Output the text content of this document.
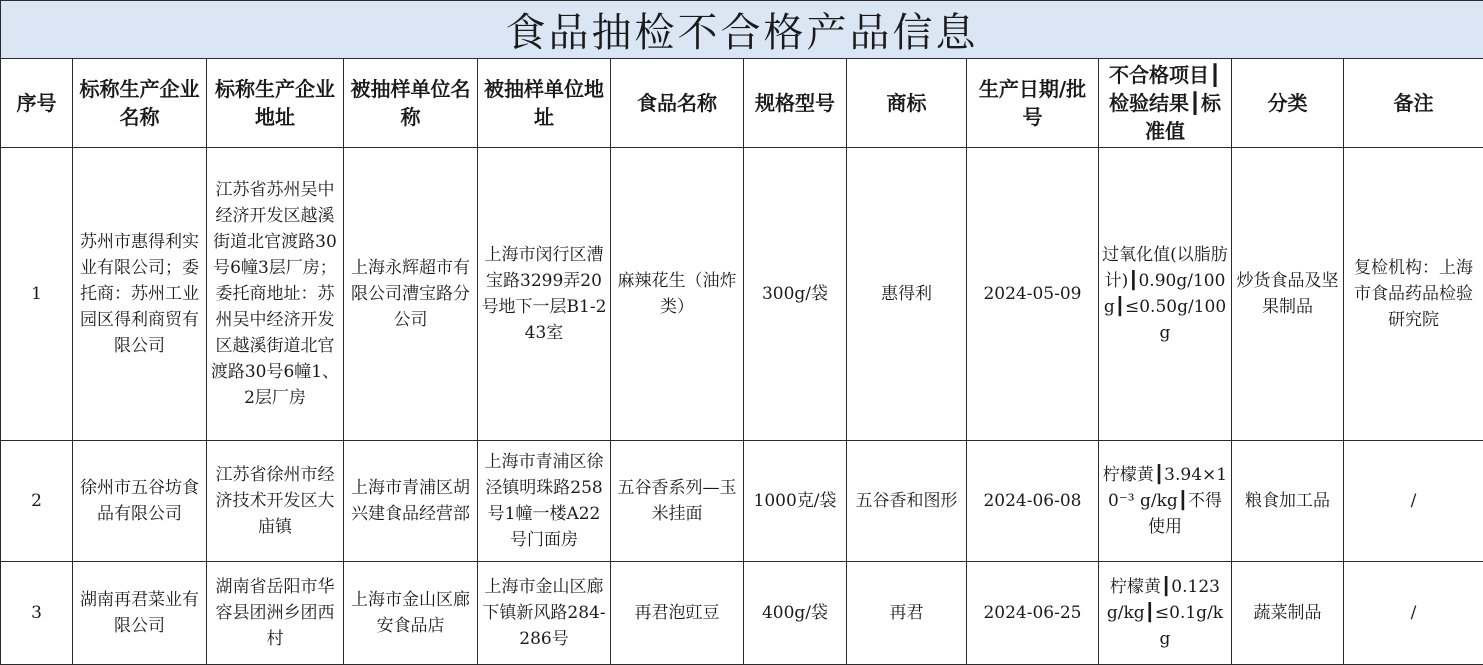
食品抽检不合格产品信息											
序号	标称生产企业名称	标称生产企业地址	被抽样单位名称	被抽样单位地址	食品名称	规格型号	商标	生产日期/批号	不合格项目┃检验结果┃标准值	分类	备注
1	苏州市惠得利实业有限公司；委托商：苏州工业园区得利商贸有限公司	江苏省苏州吴中经济开发区越溪街道北官渡路30号6幢3层厂房；委托商地址：苏州吴中经济开发区越溪街道北官渡路30号6幢1、2层厂房	上海永辉超市有限公司漕宝路分公司	上海市闵行区漕宝路3299弄20号地下一层B1-243室	麻辣花生（油炸类）	300g/袋	惠得利	2024-05-09	过氧化值(以脂肪计)┃0.90g/100g┃≤0.50g/100g	炒货食品及坚果制品	复检机构：上海市食品药品检验研究院
2	徐州市五谷坊食品有限公司	江苏省徐州市经济技术开发区大庙镇	上海市青浦区胡兴建食品经营部	上海市青浦区徐泾镇明珠路258号1幢一楼A22号门面房	五谷香系列—玉米挂面	1000克/袋	五谷香和图形	2024-06-08	柠檬黄┃3.94×10⁻³ g/kg┃不得使用	粮食加工品	/
3	湖南再君菜业有限公司	湖南省岳阳市华容县团洲乡团西村	上海市金山区廊安食品店	上海市金山区廊下镇新风路284-286号	再君泡豇豆	400g/袋	再君	2024-06-25	柠檬黄┃0.123g/kg┃≤0.1g/kg	蔬菜制品	/
